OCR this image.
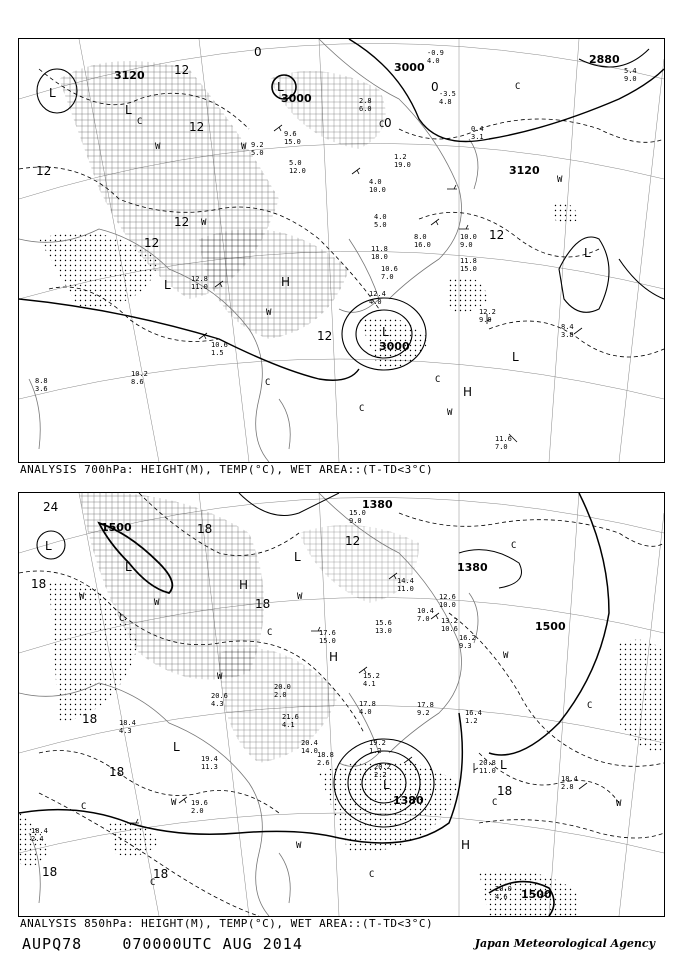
3120
3000
3000
2880
3120
3000
12
12
12
12
12
12
0
0
0
12
L
L
L
L
L
L
L
H
H
W	W
W
W
W
W
C	C
C
C
C
C
2.8
6.0
9.6
15.0
5.0
12.0
4.0
10.0
1.2
19.0
4.0
5.0
11.8
18.0
10.6
7.0
12.8
11.0
10.6
1.5
10.2
8.6
12.4
4.0
8.0
16.0
11.8
15.0
10.0
9.0
12.2
9.0
8.4
3.8
11.6
7.0
8.8
3.6
5.4
9.0
-0.9
4.0
-3.5
4.8
0.4
3.1
9.2
5.0
ANALYSIS 700hPa: HEIGHT(M), TEMP(°C), WET AREA::(T-TD<3°C)
1500
1380
1380
1500
1380
1500
24
18
18
18
18
18
18
12
18
18
L
L
L
L
L
L
H
H
H
W
W	W
W
W
W
W
W
C
C
C
C
C
C
C
C
15.0
9.0
14.4
11.0
10.4
7.0
12.6
10.0
13.2
10.6
15.6
13.0
17.6
15.0
15.2
4.1
16.2
9.3
17.8
4.0
20.0
2.0
20.4
14.0
21.6
4.1
18.8
2.6
19.4
11.3
20.6
4.3
19.2
1.2
20.2
2.2
20.8
11.0
18.4
2.8
20.0
4.6
18.4
2.4
17.8
9.2	16.4
1.2
19.6
2.0
18.4
4.3
ANALYSIS 850hPa: HEIGHT(M), TEMP(°C), WET AREA::(T-TD<3°C)
AUPQ78	070000UTC AUG 2014	Japan Meteorological Agency
